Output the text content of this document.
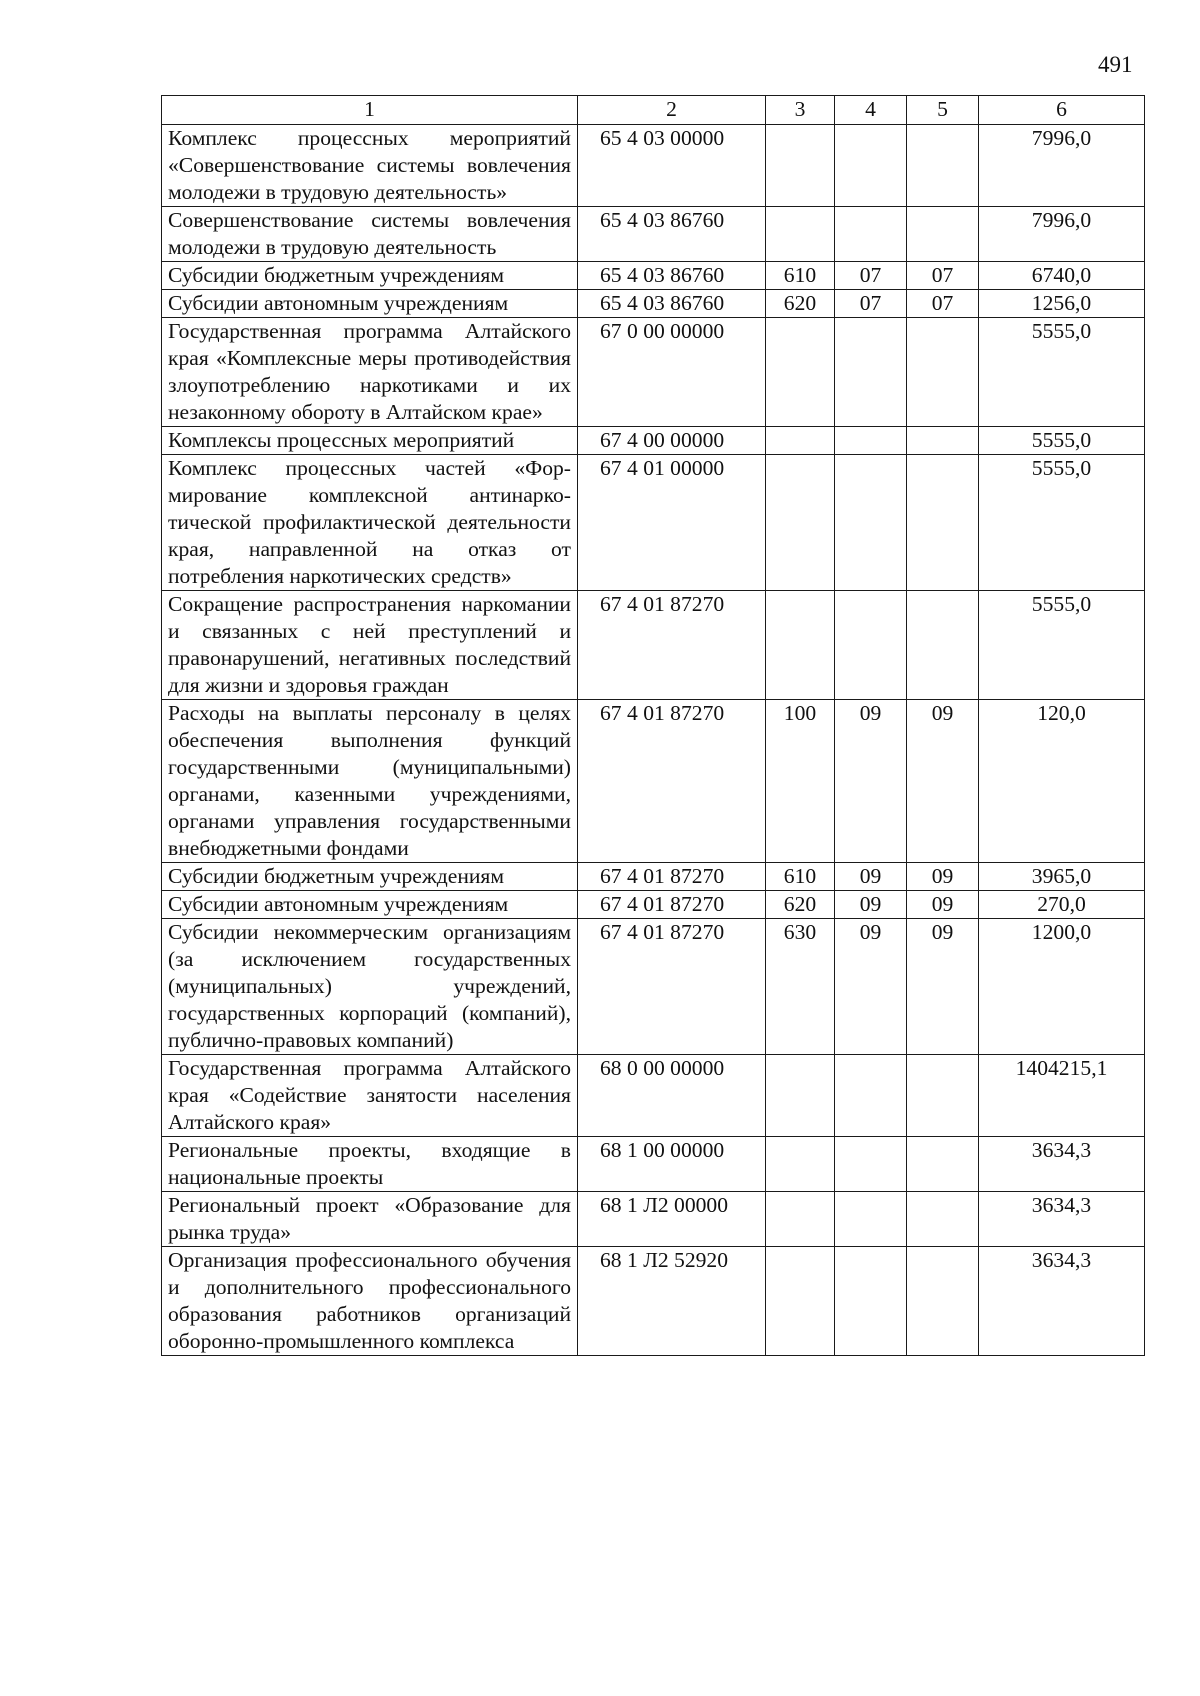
491
1	2	3	4	5	6
Комплекс процессных мероприятий «Совершенствование системы вовлечения молодежи в трудовую деятельность»	65 4 03 00000				7996,0
Совершенствование системы вовлечения молодежи в трудовую деятельность	65 4 03 86760				7996,0
Субсидии бюджетным учреждениям	65 4 03 86760	610	07	07	6740,0
Субсидии автономным учреждениям	65 4 03 86760	620	07	07	1256,0
Государственная программа Алтайского края «Комплексные меры противодействия злоупотреблению наркотиками и их незаконному обороту в Алтайском крае»	67 0 00 00000				5555,0
Комплексы процессных мероприятий	67 4 00 00000				5555,0
Комплекс процессных частей «Формирование комплексной антинаркотической профилактической деятельности края, направленной на отказ от потребления наркотических средств»	67 4 01 00000				5555,0
Сокращение распространения наркомании и связанных с ней преступлений и правонарушений, негативных последствий для жизни и здоровья граждан	67 4 01 87270				5555,0
Расходы на выплаты персоналу в целях обеспечения выполнения функций государственными (муниципальными) органами, казенными учреждениями, органами управления государственными внебюджетными фондами	67 4 01 87270	100	09	09	120,0
Субсидии бюджетным учреждениям	67 4 01 87270	610	09	09	3965,0
Субсидии автономным учреждениям	67 4 01 87270	620	09	09	270,0
Субсидии некоммерческим организациям (за исключением государственных (муниципальных) учреждений, государственных корпораций (компаний), публично-правовых компаний)	67 4 01 87270	630	09	09	1200,0
Государственная программа Алтайского края «Содействие занятости населения Алтайского края»	68 0 00 00000				1404215,1
Региональные проекты, входящие в национальные проекты	68 1 00 00000				3634,3
Региональный проект «Образование для рынка труда»	68 1 Л2 00000				3634,3
Организация профессионального обучения и дополнительного профессионального образования работников организаций оборонно-промышленного комплекса	68 1 Л2 52920				3634,3
